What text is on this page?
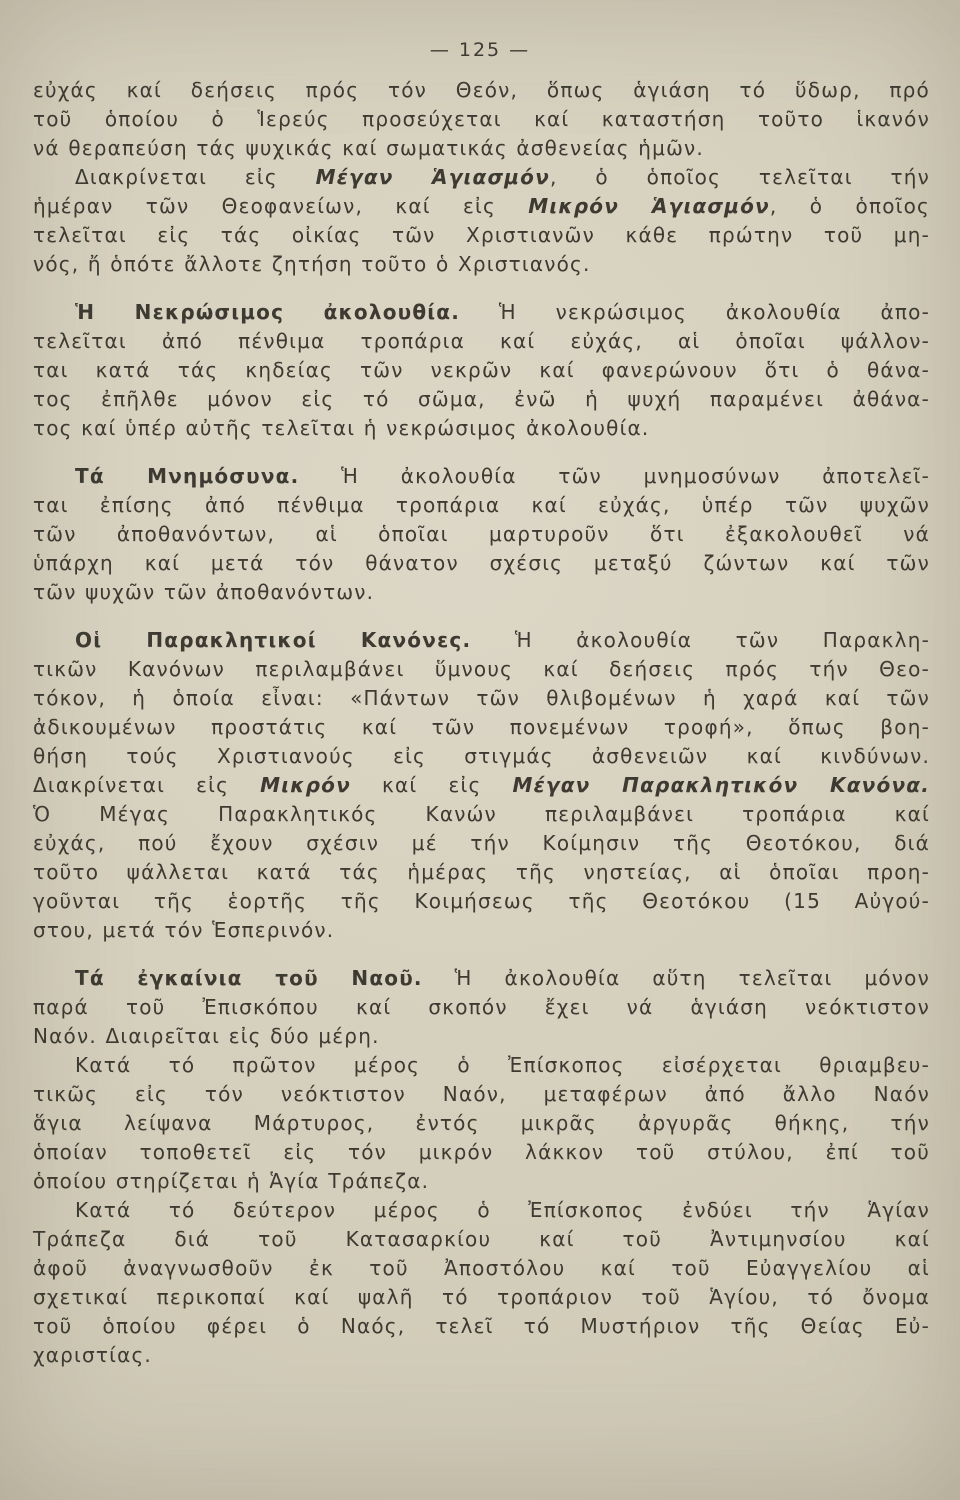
— 125 —
εὐχάς καί δεήσεις πρός τόν Θεόν, ὅπως ἁγιάση τό ὕδωρ, πρό
τοῦ ὁποίου ὁ Ἱερεύς προσεύχεται καί καταστήση τοῦτο ἱκανόν
νά θεραπεύση τάς ψυχικάς καί σωματικάς ἀσθενείας ἡμῶν.
Διακρίνεται εἰς Μέγαν Ἁγιασμόν, ὁ ὁποῖος τελεῖται τήν
ἡμέραν τῶν Θεοφανείων, καί εἰς Μικρόν Ἁγιασμόν, ὁ ὁποῖος
τελεῖται εἰς τάς οἰκίας τῶν Χριστιανῶν κάθε πρώτην τοῦ μη-
νός, ἤ ὁπότε ἄλλοτε ζητήση τοῦτο ὁ Χριστιανός.
Ἡ Νεκρώσιμος ἀκολουθία. Ἡ νεκρώσιμος ἀκολουθία ἀπο-
τελεῖται ἀπό πένθιμα τροπάρια καί εὐχάς, αἱ ὁποῖαι ψάλλον-
ται κατά τάς κηδείας τῶν νεκρῶν καί φανερώνουν ὅτι ὁ θάνα-
τος ἐπῆλθε μόνον εἰς τό σῶμα, ἐνῶ ἡ ψυχή παραμένει ἀθάνα-
τος καί ὑπέρ αὐτῆς τελεῖται ἡ νεκρώσιμος ἀκολουθία.
Τά Μνημόσυνα. Ἡ ἀκολουθία τῶν μνημοσύνων ἀποτελεῖ-
ται ἐπίσης ἀπό πένθιμα τροπάρια καί εὐχάς, ὑπέρ τῶν ψυχῶν
τῶν ἀποθανόντων, αἱ ὁποῖαι μαρτυροῦν ὅτι ἐξακολουθεῖ νά
ὑπάρχη καί μετά τόν θάνατον σχέσις μεταξύ ζώντων καί τῶν
τῶν ψυχῶν τῶν ἀποθανόντων.
Οἱ Παρακλητικοί Κανόνες. Ἡ ἀκολουθία τῶν Παρακλη-
τικῶν Κανόνων περιλαμβάνει ὕμνους καί δεήσεις πρός τήν Θεο-
τόκον, ἡ ὁποία εἶναι: «Πάντων τῶν θλιβομένων ἡ χαρά καί τῶν
ἀδικουμένων προστάτις καί τῶν πονεμένων τροφή», ὅπως βοη-
θήση τούς Χριστιανούς εἰς στιγμάς ἀσθενειῶν καί κινδύνων.
Διακρίνεται εἰς Μικρόν καί εἰς Μέγαν Παρακλητικόν Κανόνα.
Ὁ Μέγας Παρακλητικός Κανών περιλαμβάνει τροπάρια καί
εὐχάς, πού ἔχουν σχέσιν μέ τήν Κοίμησιν τῆς Θεοτόκου, διά
τοῦτο ψάλλεται κατά τάς ἡμέρας τῆς νηστείας, αἱ ὁποῖαι προη-
γοῦνται τῆς ἑορτῆς τῆς Κοιμήσεως τῆς Θεοτόκου (15 Αὐγού-
στου, μετά τόν Ἑσπερινόν.
Τά ἐγκαίνια τοῦ Ναοῦ. Ἡ ἀκολουθία αὕτη τελεῖται μόνον
παρά τοῦ Ἐπισκόπου καί σκοπόν ἔχει νά ἁγιάση νεόκτιστον
Ναόν. Διαιρεῖται εἰς δύο μέρη.
Κατά τό πρῶτον μέρος ὁ Ἐπίσκοπος εἰσέρχεται θριαμβευ-
τικῶς εἰς τόν νεόκτιστον Ναόν, μεταφέρων ἀπό ἄλλο Ναόν
ἅγια λείψανα Μάρτυρος, ἐντός μικρᾶς ἀργυρᾶς θήκης, τήν
ὁποίαν τοποθετεῖ εἰς τόν μικρόν λάκκον τοῦ στύλου, ἐπί τοῦ
ὁποίου στηρίζεται ἡ Ἁγία Τράπεζα.
Κατά τό δεύτερον μέρος ὁ Ἐπίσκοπος ἐνδύει τήν Ἁγίαν
Τράπεζα διά τοῦ Κατασαρκίου καί τοῦ Ἀντιμηνσίου καί
ἀφοῦ ἀναγνωσθοῦν ἐκ τοῦ Ἀποστόλου καί τοῦ Εὐαγγελίου αἱ
σχετικαί περικοπαί καί ψαλῆ τό τροπάριον τοῦ Ἁγίου, τό ὄνομα
τοῦ ὁποίου φέρει ὁ Ναός, τελεῖ τό Μυστήριον τῆς Θείας Εὐ-
χαριστίας.
